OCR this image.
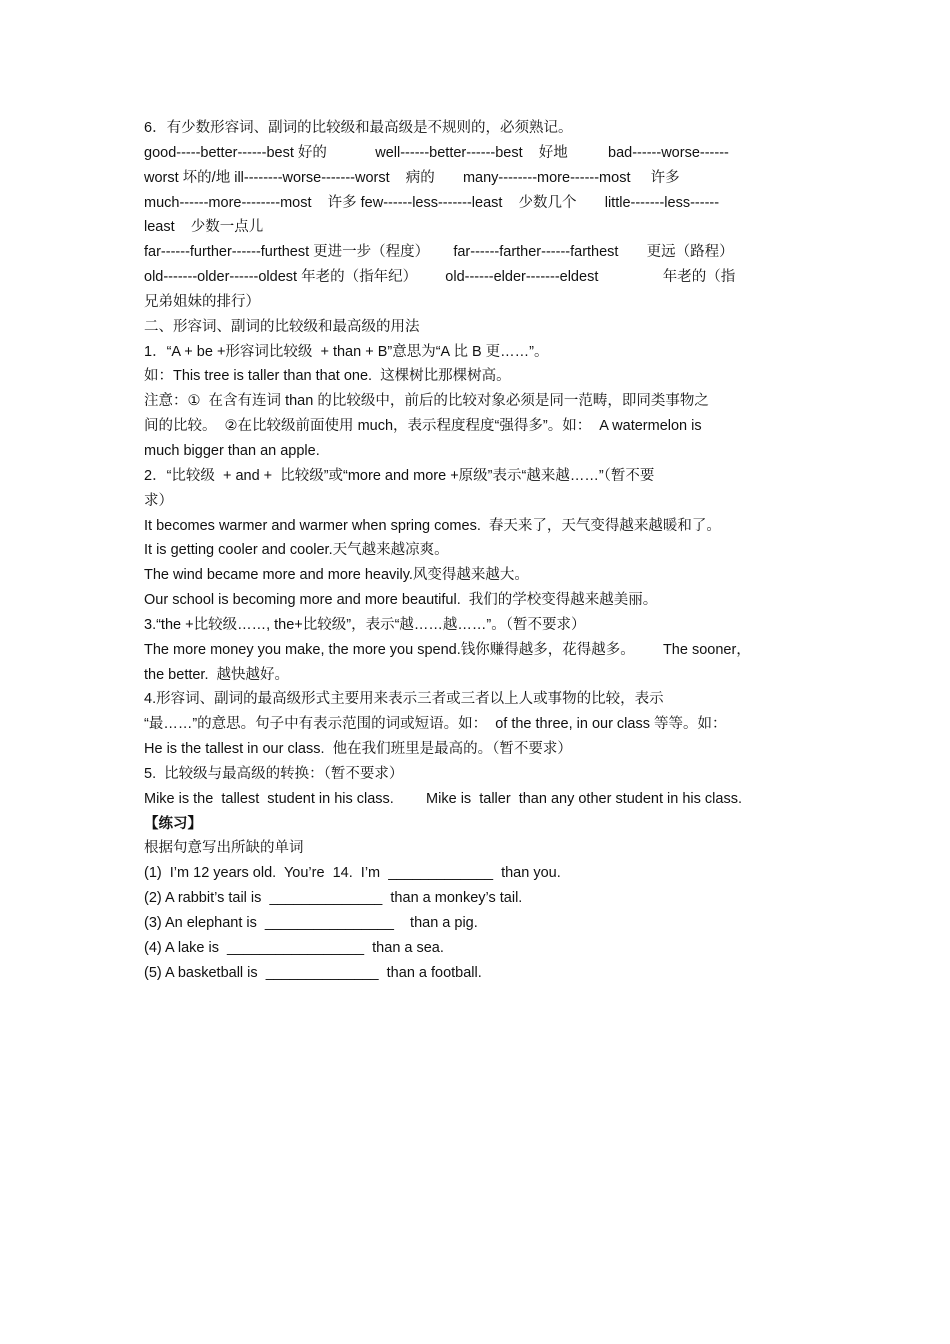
6．有少数形容词、副词的比较级和最高级是不规则的，必须熟记。
good-----better------best 好的            well------better------best    好地          bad------worse------
worst 坏的/地 ill--------worse-------worst    病的       many--------more------most     许多
much------more--------most    许多 few------less-------least    少数几个       little-------less------
least    少数一点儿
far------further------furthest 更进一步（程度）      far------farther------farthest       更远（路程）
old-------older------oldest 年老的（指年纪）       old------elder-------eldest                年老的（指
兄弟姐妹的排行）
二、形容词、副词的比较级和最高级的用法
1．“A + be +形容词比较级  + than + B”意思为“A 比 B 更……”。
如：This tree is taller than that one.  这棵树比那棵树高。
注意：①  在含有连词 than 的比较级中，前后的比较对象必须是同一范畴，即同类事物之
间的比较。  ②在比较级前面使用 much，表示程度程度“强得多”。如：  A watermelon is
much bigger than an apple.
2．“比较级  + and +  比较级”或“more and more +原级”表示“越来越……”（暂不要
求）
It becomes warmer and warmer when spring comes.  春天来了，天气变得越来越暖和了。
It is getting cooler and cooler.天气越来越凉爽。
The wind became more and more heavily.风变得越来越大。
Our school is becoming more and more beautiful.  我们的学校变得越来越美丽。
3.“the +比较级……, the+比较级”，表示“越……越……”。（暂不要求）
The more money you make, the more you spend.钱你赚得越多，花得越多。       The sooner，
the better.  越快越好。
4.形容词、副词的最高级形式主要用来表示三者或三者以上人或事物的比较，表示
“最……”的意思。句子中有表示范围的词或短语。如：  of the three, in our class 等等。如：
He is the tallest in our class.  他在我们班里是最高的。（暂不要求）
5.  比较级与最高级的转换：（暂不要求）
Mike is the  tallest  student in his class.        Mike is  taller  than any other student in his class.
【练习】
根据句意写出所缺的单词
(1)  I’m 12 years old.  You’re  14.  I’m  _____________  than you.
(2) A rabbit’s tail is  ______________  than a monkey’s tail.
(3) An elephant is  ________________    than a pig.
(4) A lake is  _________________  than a sea.
(5) A basketball is  ______________  than a football.
